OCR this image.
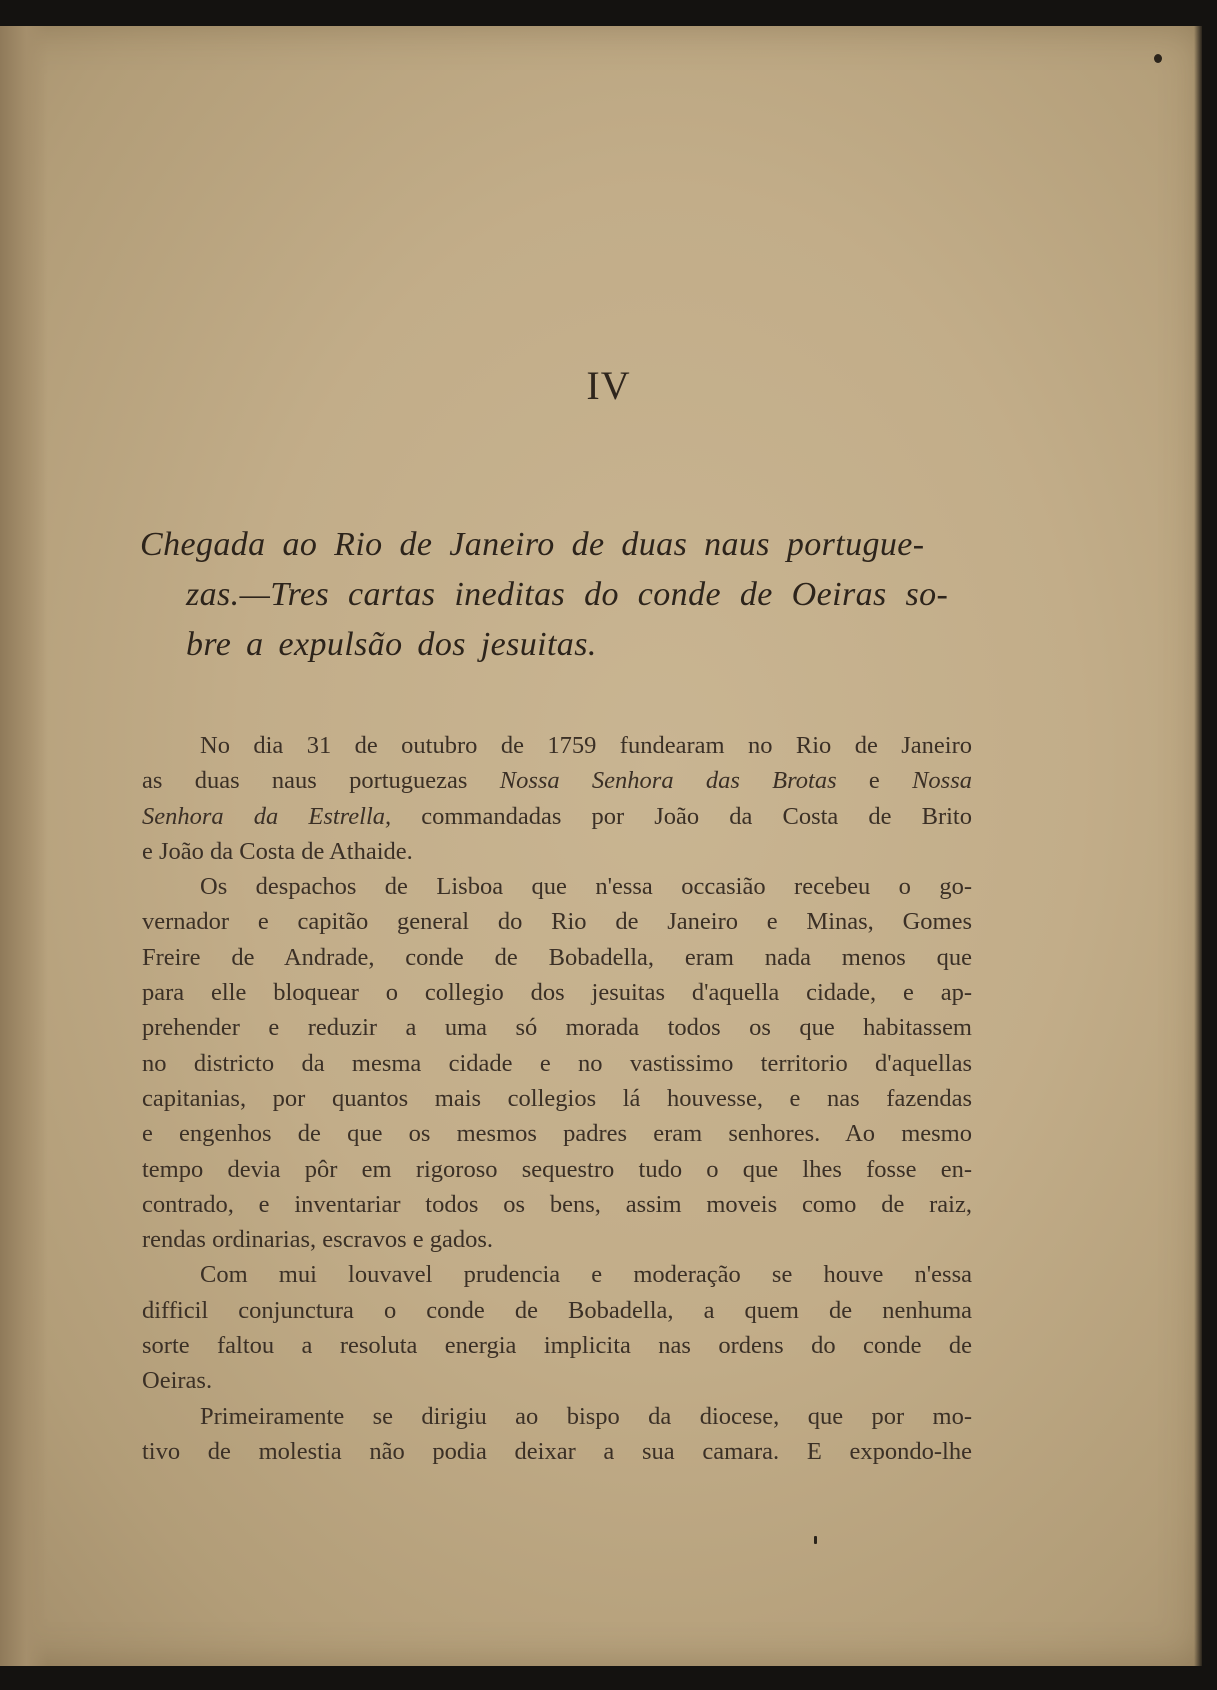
IV
Chegada ao Rio de Janeiro de duas naus portugue-
zas.—Tres cartas ineditas do conde de Oeiras so-
bre a expulsão dos jesuitas.
No dia 31 de outubro de 1759 fundearam no Rio de Janeiro
as duas naus portuguezas Nossa Senhora das Brotas e Nossa
Senhora da Estrella, commandadas por João da Costa de Brito
e João da Costa de Athaide.
Os despachos de Lisboa que n'essa occasião recebeu o go-
vernador e capitão general do Rio de Janeiro e Minas, Gomes
Freire de Andrade, conde de Bobadella, eram nada menos que
para elle bloquear o collegio dos jesuitas d'aquella cidade, e ap-
prehender e reduzir a uma só morada todos os que habitassem
no districto da mesma cidade e no vastissimo territorio d'aquellas
capitanias, por quantos mais collegios lá houvesse, e nas fazendas
e engenhos de que os mesmos padres eram senhores. Ao mesmo
tempo devia pôr em rigoroso sequestro tudo o que lhes fosse en-
contrado, e inventariar todos os bens, assim moveis como de raiz,
rendas ordinarias, escravos e gados.
Com mui louvavel prudencia e moderação se houve n'essa
difficil conjunctura o conde de Bobadella, a quem de nenhuma
sorte faltou a resoluta energia implicita nas ordens do conde de
Oeiras.
Primeiramente se dirigiu ao bispo da diocese, que por mo-
tivo de molestia não podia deixar a sua camara. E expondo-lhe
